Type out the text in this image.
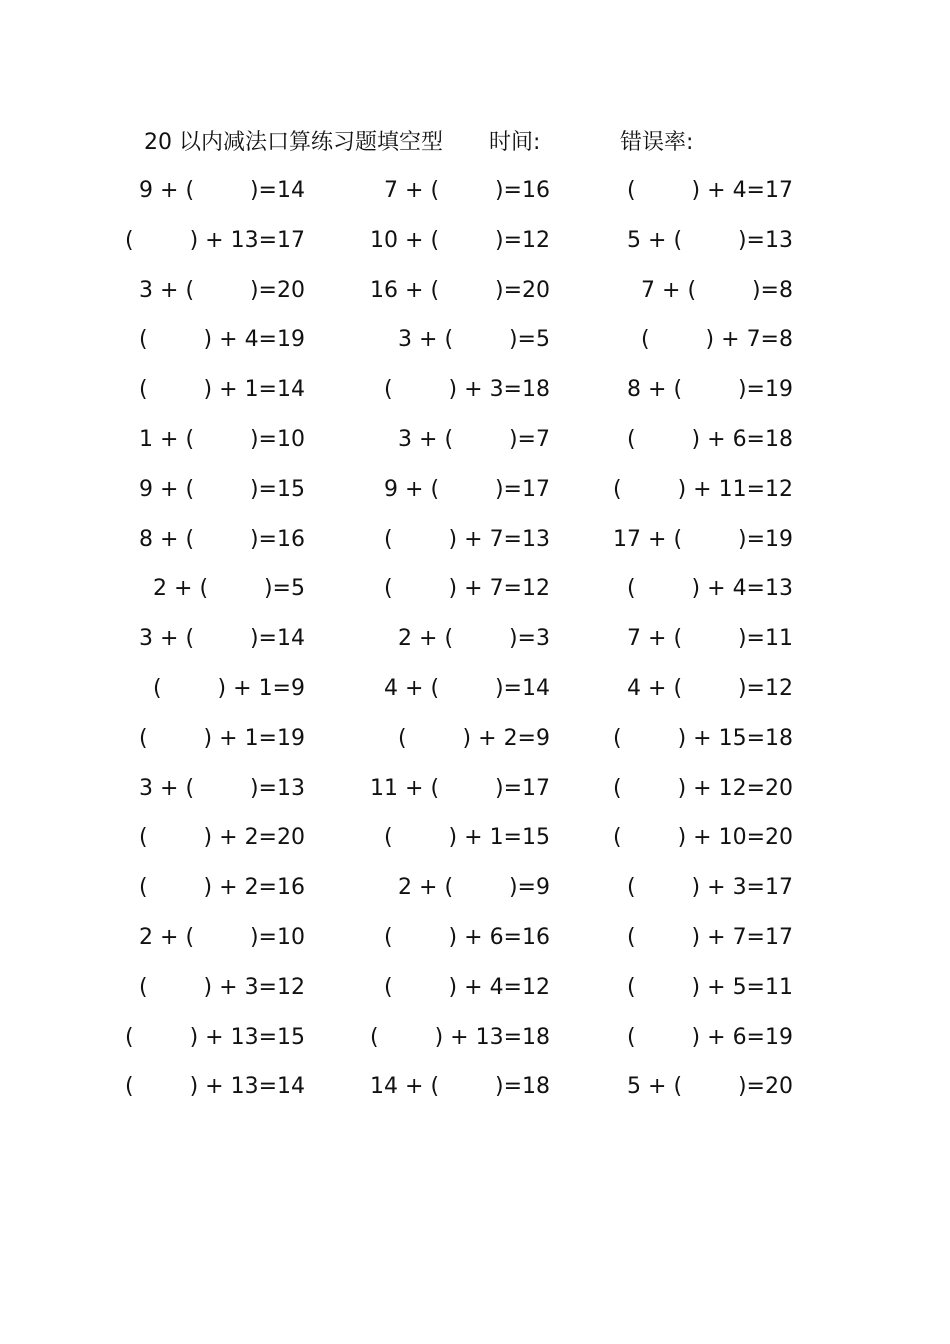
20 以内减法口算练习题填空型 时间:	错误率:
9 + (        )=14	7 + (        )=16	(        ) + 4=17
(        ) + 13=17	10 + (        )=12	5 + (        )=13
3 + (        )=20	16 + (        )=20	7 + (        )=8
(        ) + 4=19	3 + (        )=5	(        ) + 7=8
(        ) + 1=14	(        ) + 3=18	8 + (        )=19
1 + (        )=10	3 + (        )=7	(        ) + 6=18
9 + (        )=15	9 + (        )=17	(        ) + 11=12
8 + (        )=16	(        ) + 7=13	17 + (        )=19
2 + (        )=5	(        ) + 7=12	(        ) + 4=13
3 + (        )=14	2 + (        )=3	7 + (        )=11
(        ) + 1=9	4 + (        )=14	4 + (        )=12
(        ) + 1=19	(        ) + 2=9	(        ) + 15=18
3 + (        )=13	11 + (        )=17	(        ) + 12=20
(        ) + 2=20	(        ) + 1=15	(        ) + 10=20
(        ) + 2=16	2 + (        )=9	(        ) + 3=17
2 + (        )=10	(        ) + 6=16	(        ) + 7=17
(        ) + 3=12	(        ) + 4=12	(        ) + 5=11
(        ) + 13=15	(        ) + 13=18	(        ) + 6=19
(        ) + 13=14	14 + (        )=18	5 + (        )=20
